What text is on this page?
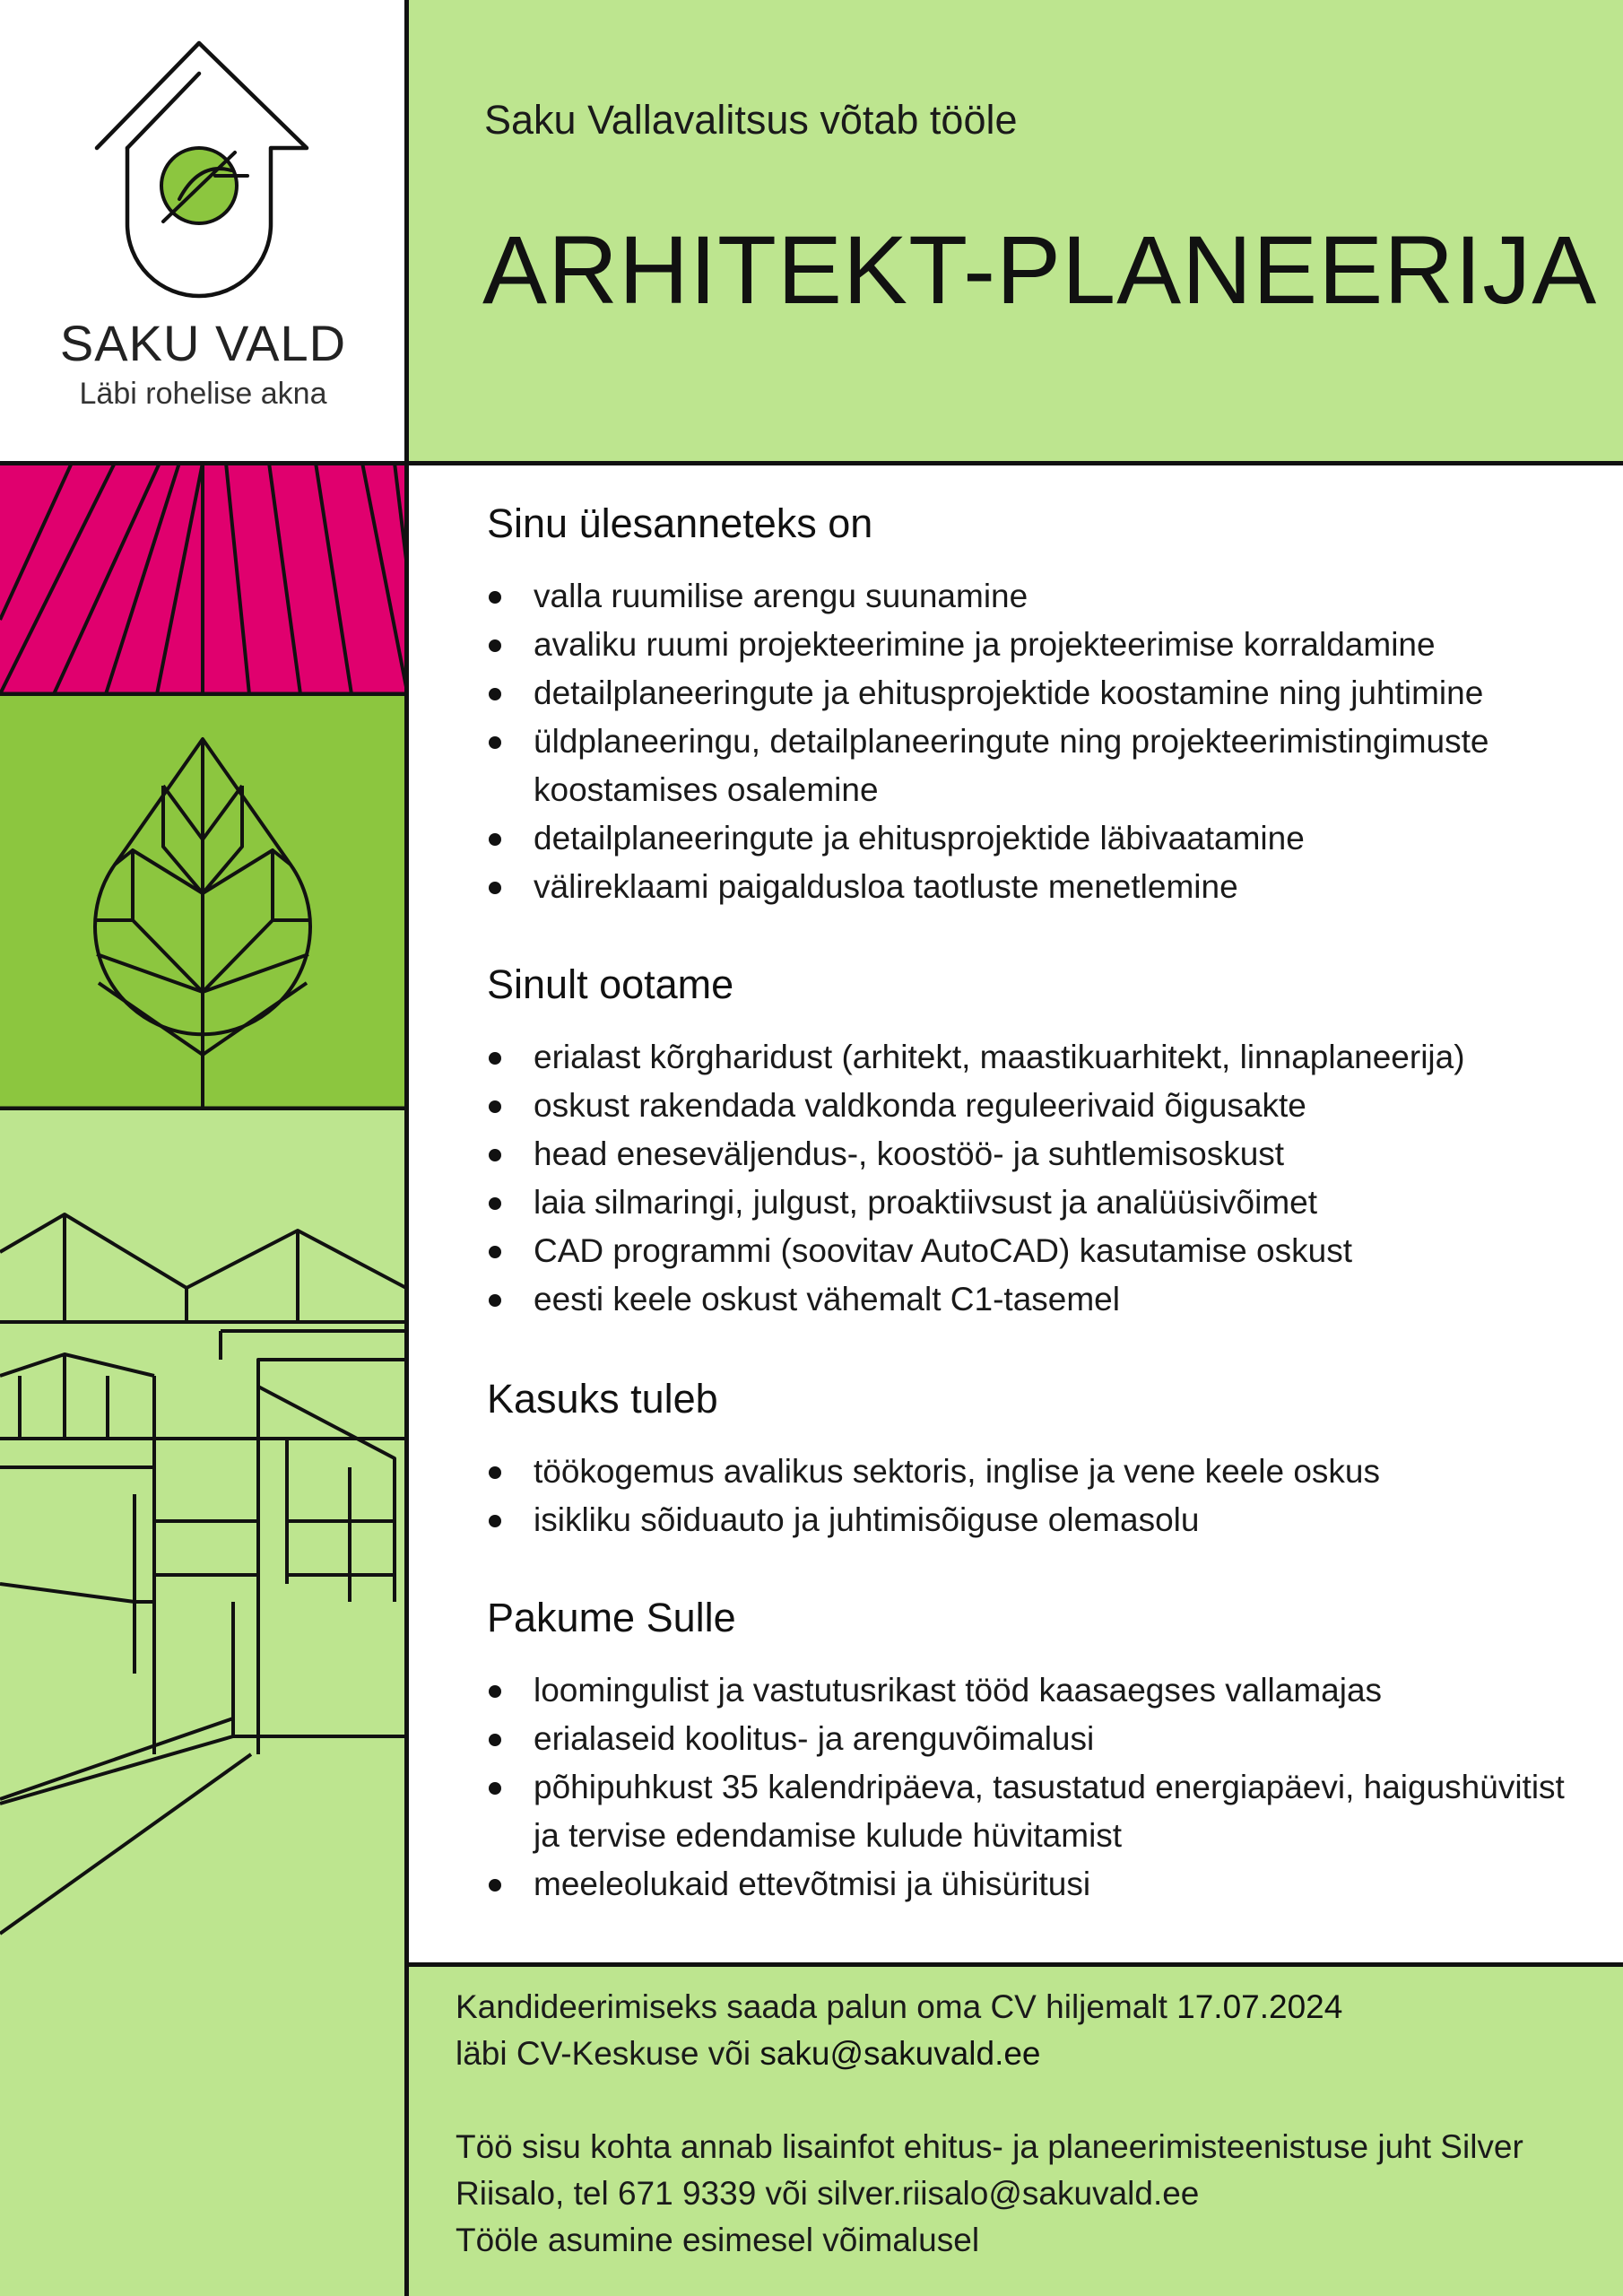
SAKU VALD
Läbi rohelise akna
Saku Vallavalitsus võtab tööle
ARHITEKT-PLANEERIJA
Sinu ülesanneteks on
valla ruumilise arengu suunamine
avaliku ruumi projekteerimine ja projekteerimise korraldamine
detailplaneeringute ja ehitusprojektide koostamine ning juhtimine
üldplaneeringu, detailplaneeringute ning projekteerimistingimuste koostamises osalemine
detailplaneeringute ja ehitusprojektide läbivaatamine
välireklaami paigaldusloa taotluste menetlemine
Sinult ootame
erialast kõrgharidust (arhitekt, maastikuarhitekt, linnaplaneerija)
oskust rakendada valdkonda reguleerivaid õigusakte
head eneseväljendus-, koostöö- ja suhtlemisoskust
laia silmaringi, julgust, proaktiivsust ja analüüsivõimet
CAD programmi (soovitav AutoCAD) kasutamise oskust
eesti keele oskust vähemalt C1-tasemel
Kasuks tuleb
töökogemus avalikus sektoris, inglise ja vene keele oskus
isikliku sõiduauto ja juhtimisõiguse olemasolu
Pakume Sulle
loomingulist ja vastutusrikast tööd kaasaegses vallamajas
erialaseid koolitus- ja arenguvõimalusi
põhipuhkust 35 kalendripäeva, tasustatud energiapäevi, haigushüvitist ja tervise edendamise kulude hüvitamist
meeleolukaid ettevõtmisi ja ühisüritusi
Kandideerimiseks saada palun oma CV hiljemalt 17.07.2024
läbi CV-Keskuse või saku@sakuvald.ee
Töö sisu kohta annab lisainfot ehitus- ja planeerimisteenistuse juht Silver Riisalo, tel 671 9339 või silver.riisalo@sakuvald.ee
Tööle asumine esimesel võimalusel
